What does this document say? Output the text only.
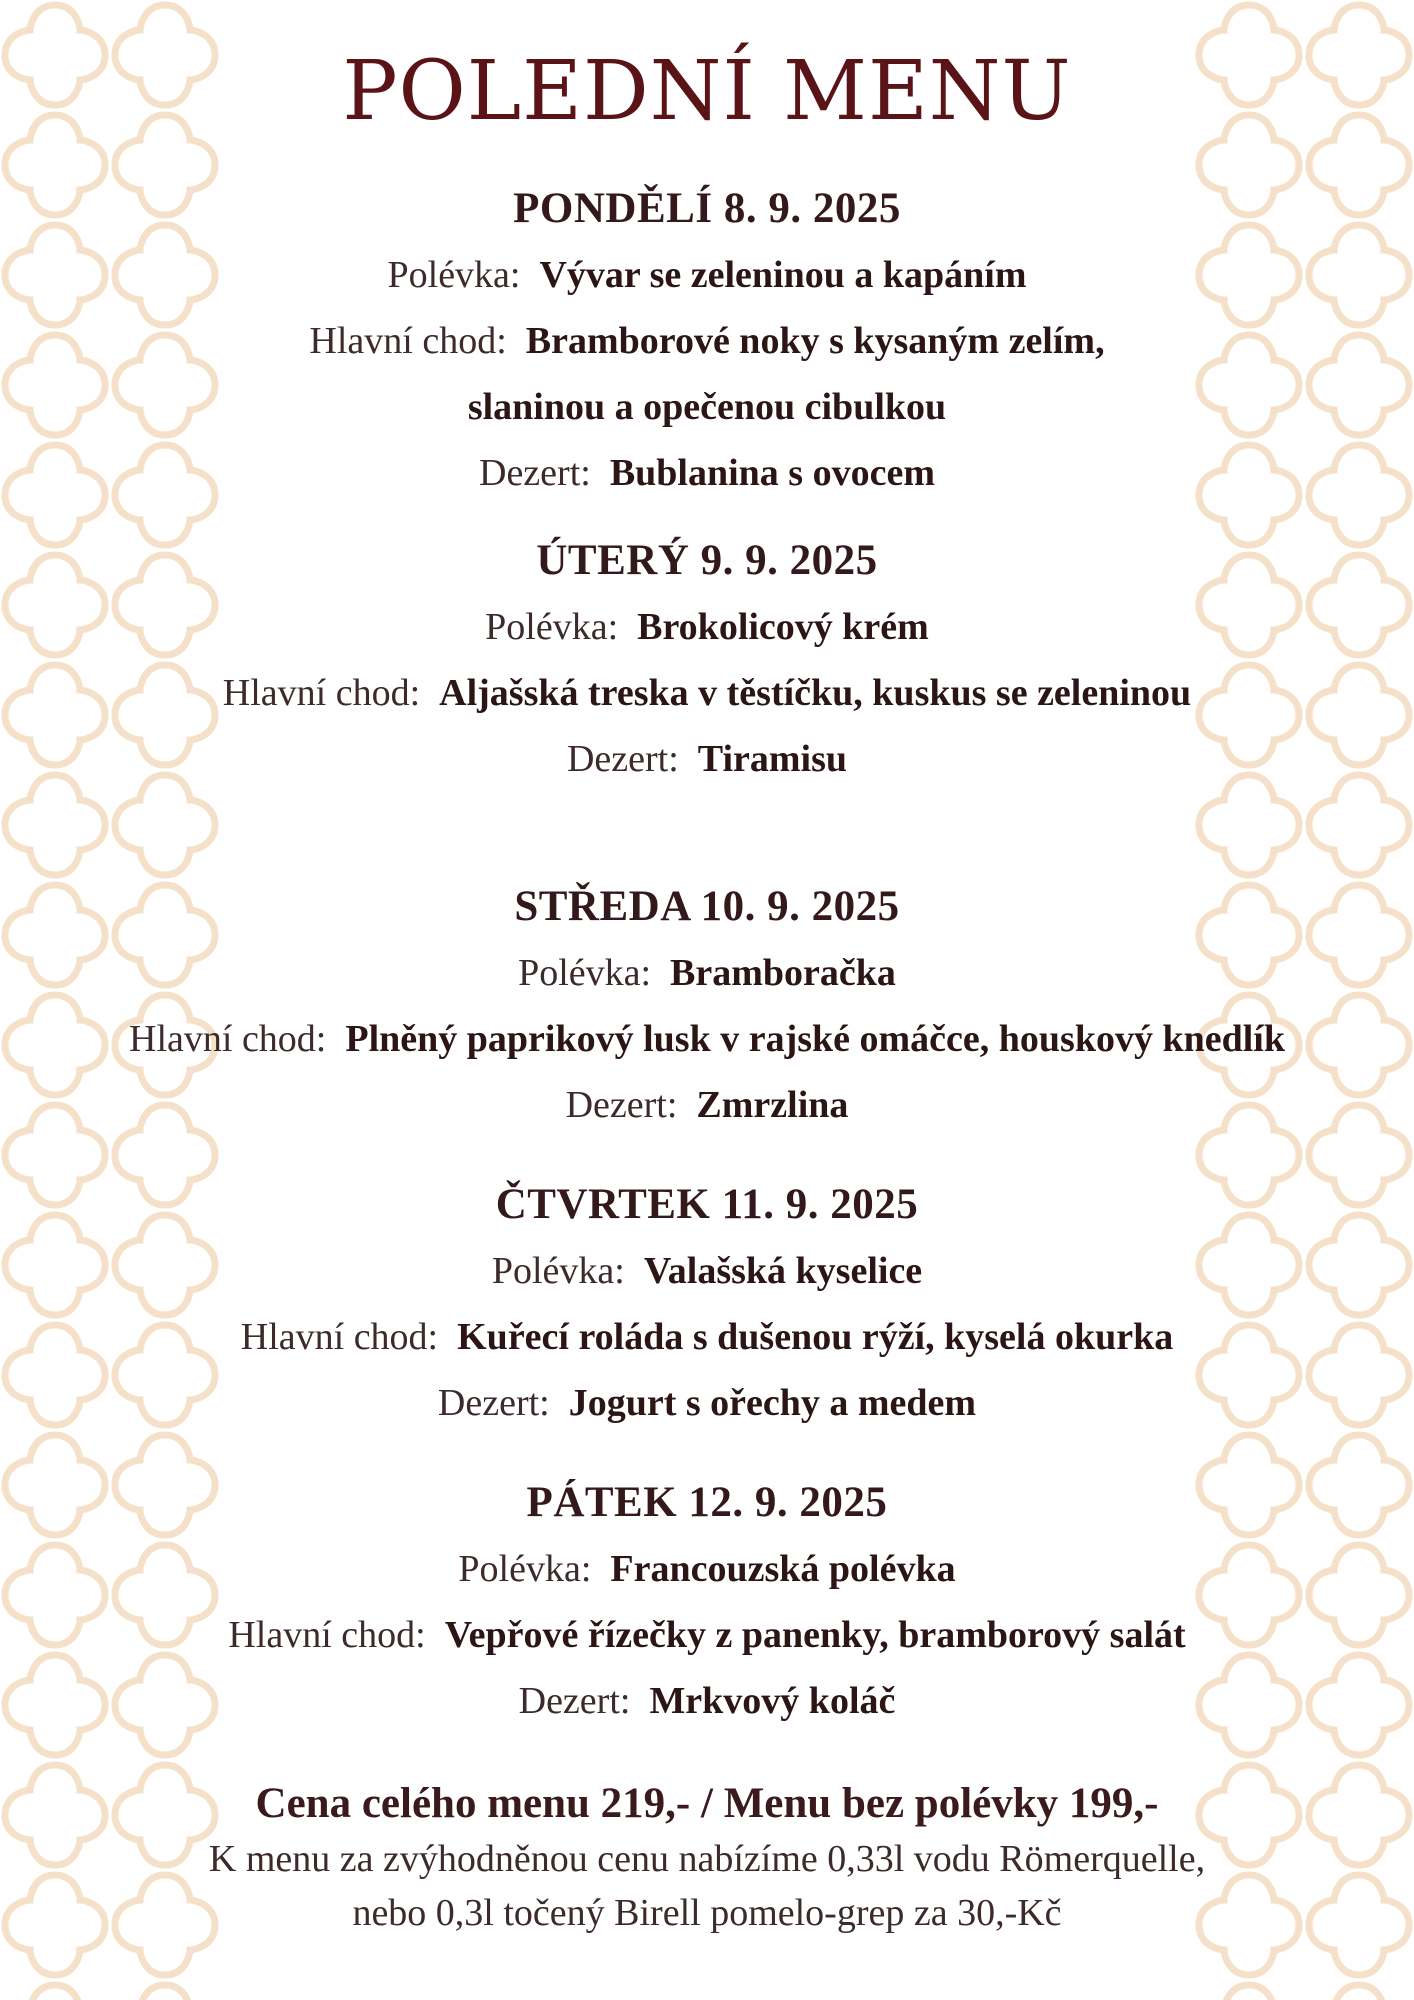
POLEDNÍ MENU
PONDĚLÍ 8. 9. 2025
Polévka: Vývar se zeleninou a kapáním
Hlavní chod: Bramborové noky s kysaným zelím,
slaninou a opečenou cibulkou
Dezert: Bublanina s ovocem
ÚTERÝ 9. 9. 2025
Polévka: Brokolicový krém
Hlavní chod: Aljašská treska v těstíčku, kuskus se zeleninou
Dezert: Tiramisu
STŘEDA 10. 9. 2025
Polévka: Bramboračka
Hlavní chod: Plněný paprikový lusk v rajské omáčce, houskový knedlík
Dezert: Zmrzlina
ČTVRTEK 11. 9. 2025
Polévka: Valašská kyselice
Hlavní chod: Kuřecí roláda s dušenou rýží, kyselá okurka
Dezert: Jogurt s ořechy a medem
PÁTEK 12. 9. 2025
Polévka: Francouzská polévka
Hlavní chod: Vepřové řízečky z panenky, bramborový salát
Dezert: Mrkvový koláč
Cena celého menu 219,- / Menu bez polévky 199,-
K menu za zvýhodněnou cenu nabízíme 0,33l vodu Römerquelle,
nebo 0,3l točený Birell pomelo-grep za 30,-Kč
